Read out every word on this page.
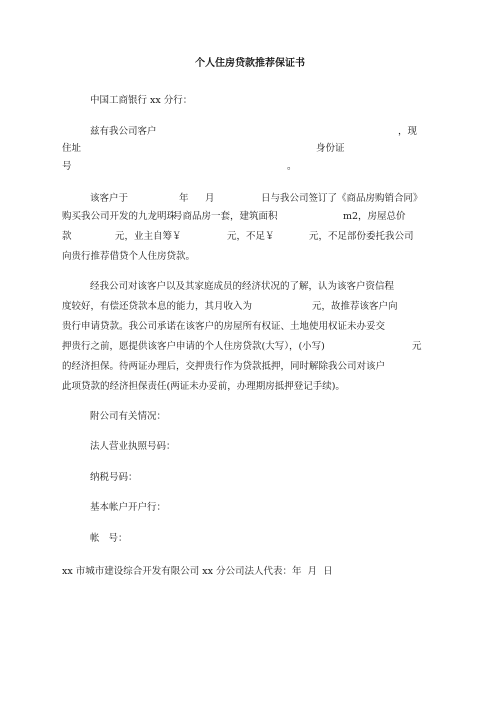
个人住房贷款推荐保证书
中国工商银行 xx 分行：
兹有我公司客户	，现
住址	身份证
号	。
该客户于	年 月	日与我公司签订了《商品房购销合同》
购买我公司开发的九龙明珠
号商品房一套，建筑面积	m2，房屋总价
款	元，业主自筹￥	元，不足￥	元，不足部份委托我公司
向贵行推荐借贷个人住房贷款。
经我公司对该客户以及其家庭成员的经济状况的了解，认为该客户资信程
度较好，有偿还贷款本息的能力，其月收入为	元，故推荐该客户向
贵行申请贷款。我公司承诺在该客户的房屋所有权证、土地使用权证未办妥交
押贵行之前，愿提供该客户申请的个人住房贷款(大写），(小写)	元
的经济担保。待两证办理后，交押贵行作为贷款抵押，同时解除我公司对该户
此项贷款的经济担保责任(两证未办妥前，办理期房抵押登记手续)。
附公司有关情况：
法人营业执照号码：
纳税号码：
基本帐户开户行：
帐   号：
xx 市城市建设综合开发有限公司 xx 分公司法人代表：年  月  日
